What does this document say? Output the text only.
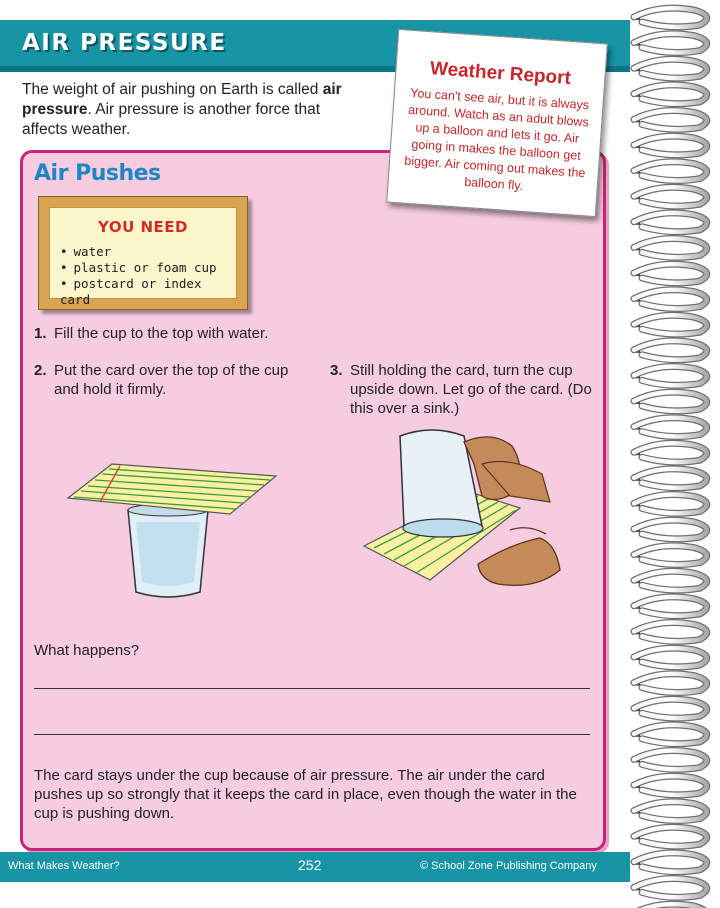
AIR PRESSURE
The weight of air pushing on Earth is called air pressure. Air pressure is another force that affects weather.
Air Pushes
YOU NEED
• water
• plastic or foam cup
• postcard or index card
1. Fill the cup to the top with water.
2. Put the card over the top of the cup and hold it firmly.
3. Still holding the card, turn the cup upside down. Let go of the card. (Do this over a sink.)
What happens?
The card stays under the cup because of air pressure. The air under the card pushes up so strongly that it keeps the card in place, even though the water in the cup is pushing down.
What Makes Weather?	252	© School Zone Publishing Company
Weather Report
You can't see air, but it is always around. Watch as an adult blows up a balloon and lets it go. Air going in makes the balloon get bigger. Air coming out makes the balloon fly.
